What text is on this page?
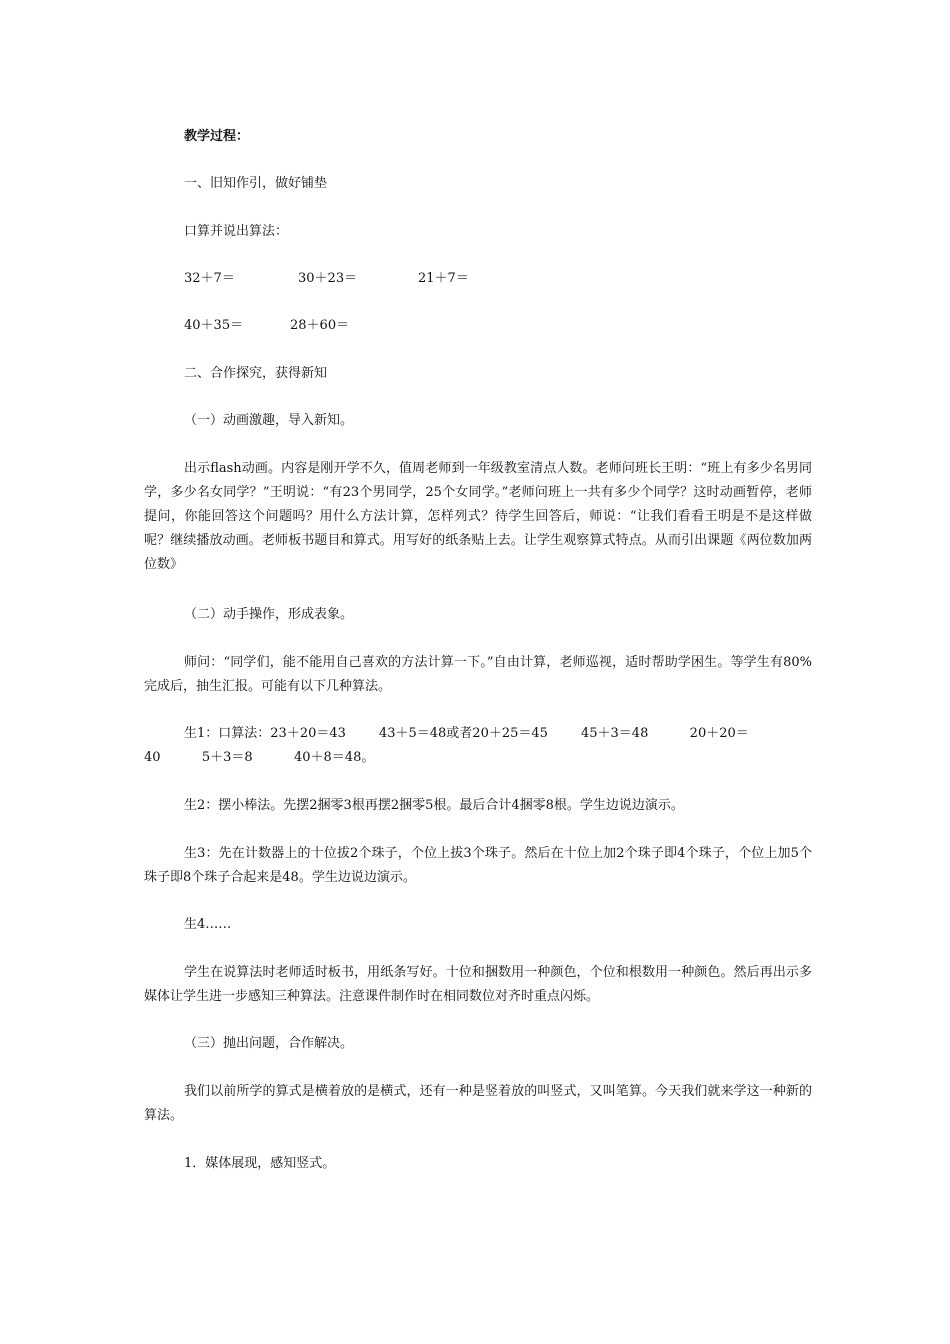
教学过程：
一、旧知作引，做好铺垫
口算并说出算法：
32＋7＝	30＋23＝	21＋7＝
40＋35＝	28＋60＝
二、合作探究，获得新知
（一）动画激趣，导入新知。
出示flash动画。内容是刚开学不久，值周老师到一年级教室清点人数。老师问班长王明：“班上有多少名男同学，多少名女同学？”王明说：“有23个男同学，25个女同学。”老师问班上一共有多少个同学？这时动画暂停，老师提问，你能回答这个问题吗？用什么方法计算，怎样列式？待学生回答后，师说：“让我们看看王明是不是这样做呢？继续播放动画。老师板书题目和算式。用写好的纸条贴上去。让学生观察算式特点。从而引出课题《两位数加两位数》
（二）动手操作，形成表象。
师问：“同学们，能不能用自己喜欢的方法计算一下。”自由计算，老师巡视，适时帮助学困生。等学生有80%完成后，抽生汇报。可能有以下几种算法。
生1：口算法：23＋20＝43        43＋5＝48或者20＋25＝45        45＋3＝48          20＋20＝
40          5＋3＝8          40＋8＝48。
生2：摆小棒法。先摆2捆零3根再摆2捆零5根。最后合计4捆零8根。学生边说边演示。
生3：先在计数器上的十位拔2个珠子，个位上拔3个珠子。然后在十位上加2个珠子即4个珠子，个位上加5个珠子即8个珠子合起来是48。学生边说边演示。
生4……
学生在说算法时老师适时板书，用纸条写好。十位和捆数用一种颜色，个位和根数用一种颜色。然后再出示多媒体让学生进一步感知三种算法。注意课件制作时在相同数位对齐时重点闪烁。
（三）抛出问题，合作解决。
我们以前所学的算式是横着放的是横式，还有一种是竖着放的叫竖式，又叫笔算。今天我们就来学这一种新的算法。
1．媒体展现，感知竖式。
